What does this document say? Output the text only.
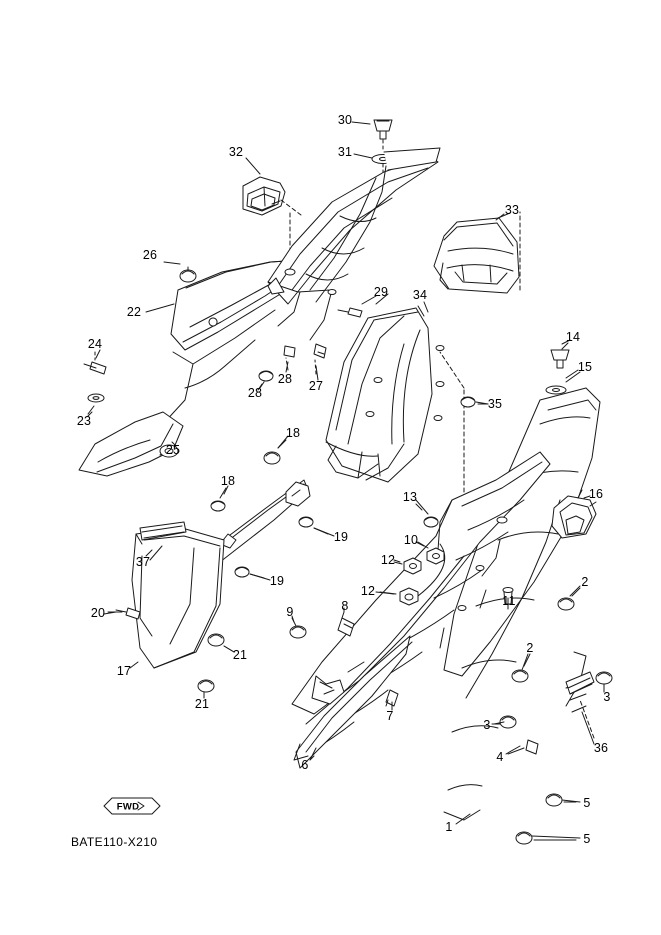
30
31
32
33
26
22
29 34
24	14
15
28 27
28
35
23
25
18
18
13	16
10
19
19
12
12
37
2
11
20	9	8
2
17
21
21
7
3
3
36
6
4
5
5
1
FWD
BATE110-X210
